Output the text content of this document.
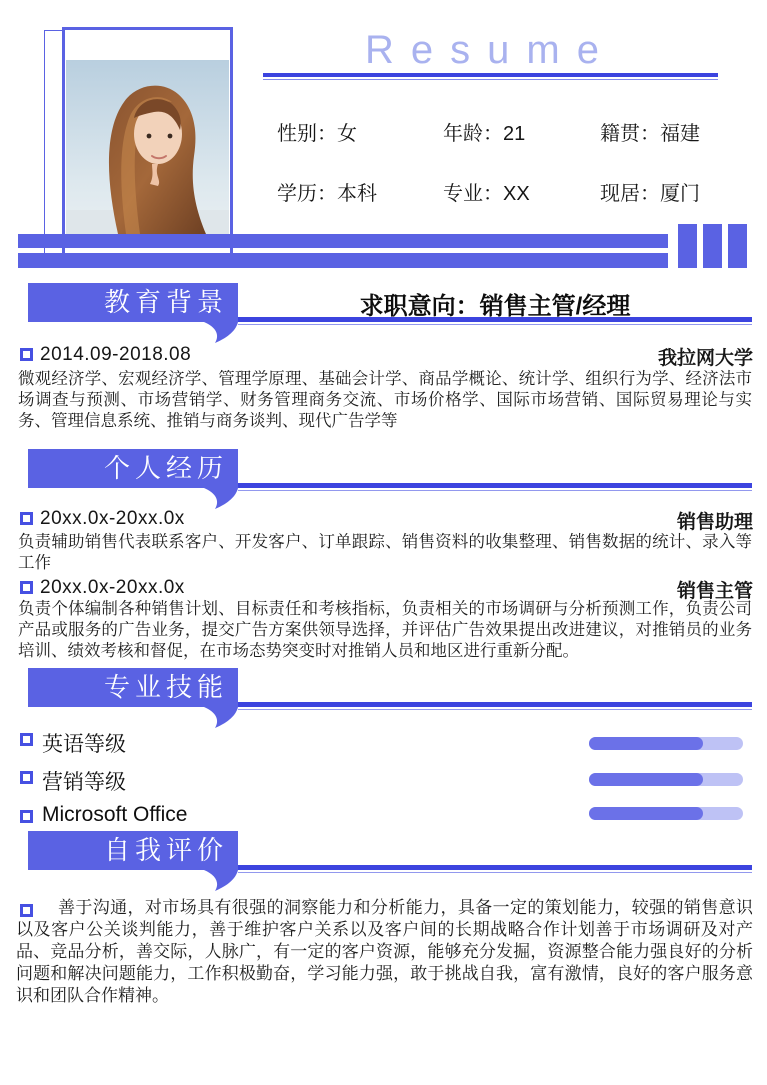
Resume
性别：女	年龄：21	籍贯：福建
学历：本科	专业：XX	现居：厦门
教育背景	求职意向：销售主管/经理
2014.09-2018.08	我拉网大学
微观经济学、宏观经济学、管理学原理、基础会计学、商品学概论、统计学、组织行为学、经济法市场调查与预测、市场营销学、财务管理商务交流、市场价格学、国际市场营销、国际贸易理论与实务、管理信息系统、推销与商务谈判、现代广告学等
个人经历
20xx.0x-20xx.0x	销售助理
负责辅助销售代表联系客户、开发客户、订单跟踪、销售资料的收集整理、销售数据的统计、录入等工作
20xx.0x-20xx.0x	销售主管
负责个体编制各种销售计划、目标责任和考核指标，负责相关的市场调研与分析预测工作，负责公司产品或服务的广告业务，提交广告方案供领导选择，并评估广告效果提出改进建议，对推销员的业务培训、绩效考核和督促，在市场态势突变时对推销人员和地区进行重新分配。
专业技能
英语等级
营销等级
Microsoft Office
自我评价
善于沟通，对市场具有很强的洞察能力和分析能力，具备一定的策划能力，较强的销售意识以及客户公关谈判能力，善于维护客户关系以及客户间的长期战略合作计划善于市场调研及对产品、竞品分析，善交际，人脉广，有一定的客户资源，能够充分发掘，资源整合能力强良好的分析问题和解决问题能力，工作积极勤奋，学习能力强，敢于挑战自我，富有激情，良好的客户服务意识和团队合作精神。
